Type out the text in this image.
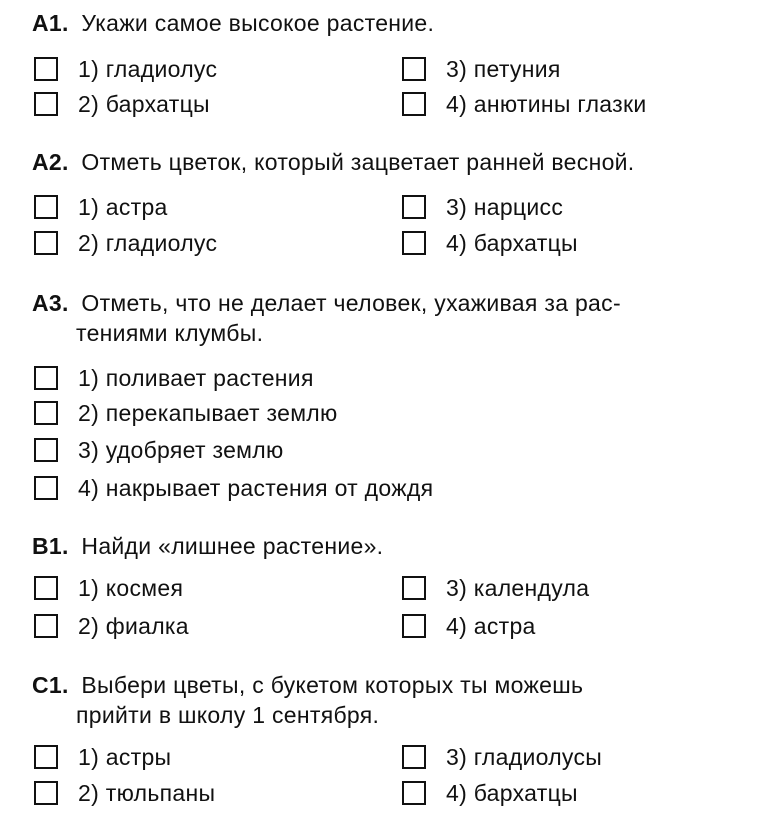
А1. Укажи самое высокое растение.
1) гладиолус
2) бархатцы
3) петуния
4) анютины глазки
А2. Отметь цветок, который зацветает ранней весной.
1) астра
2) гладиолус
3) нарцисс
4) бархатцы
А3. Отметь, что не делает человек, ухаживая за рас-
тениями клумбы.
1) поливает растения
2) перекапывает землю
3) удобряет землю
4) накрывает растения от дождя
В1. Найди «лишнее растение».
1) космея
2) фиалка
3) календула
4) астра
С1. Выбери цветы, с букетом которых ты можешь
прийти в школу 1 сентября.
1) астры
2) тюльпаны
3) гладиолусы
4) бархатцы
